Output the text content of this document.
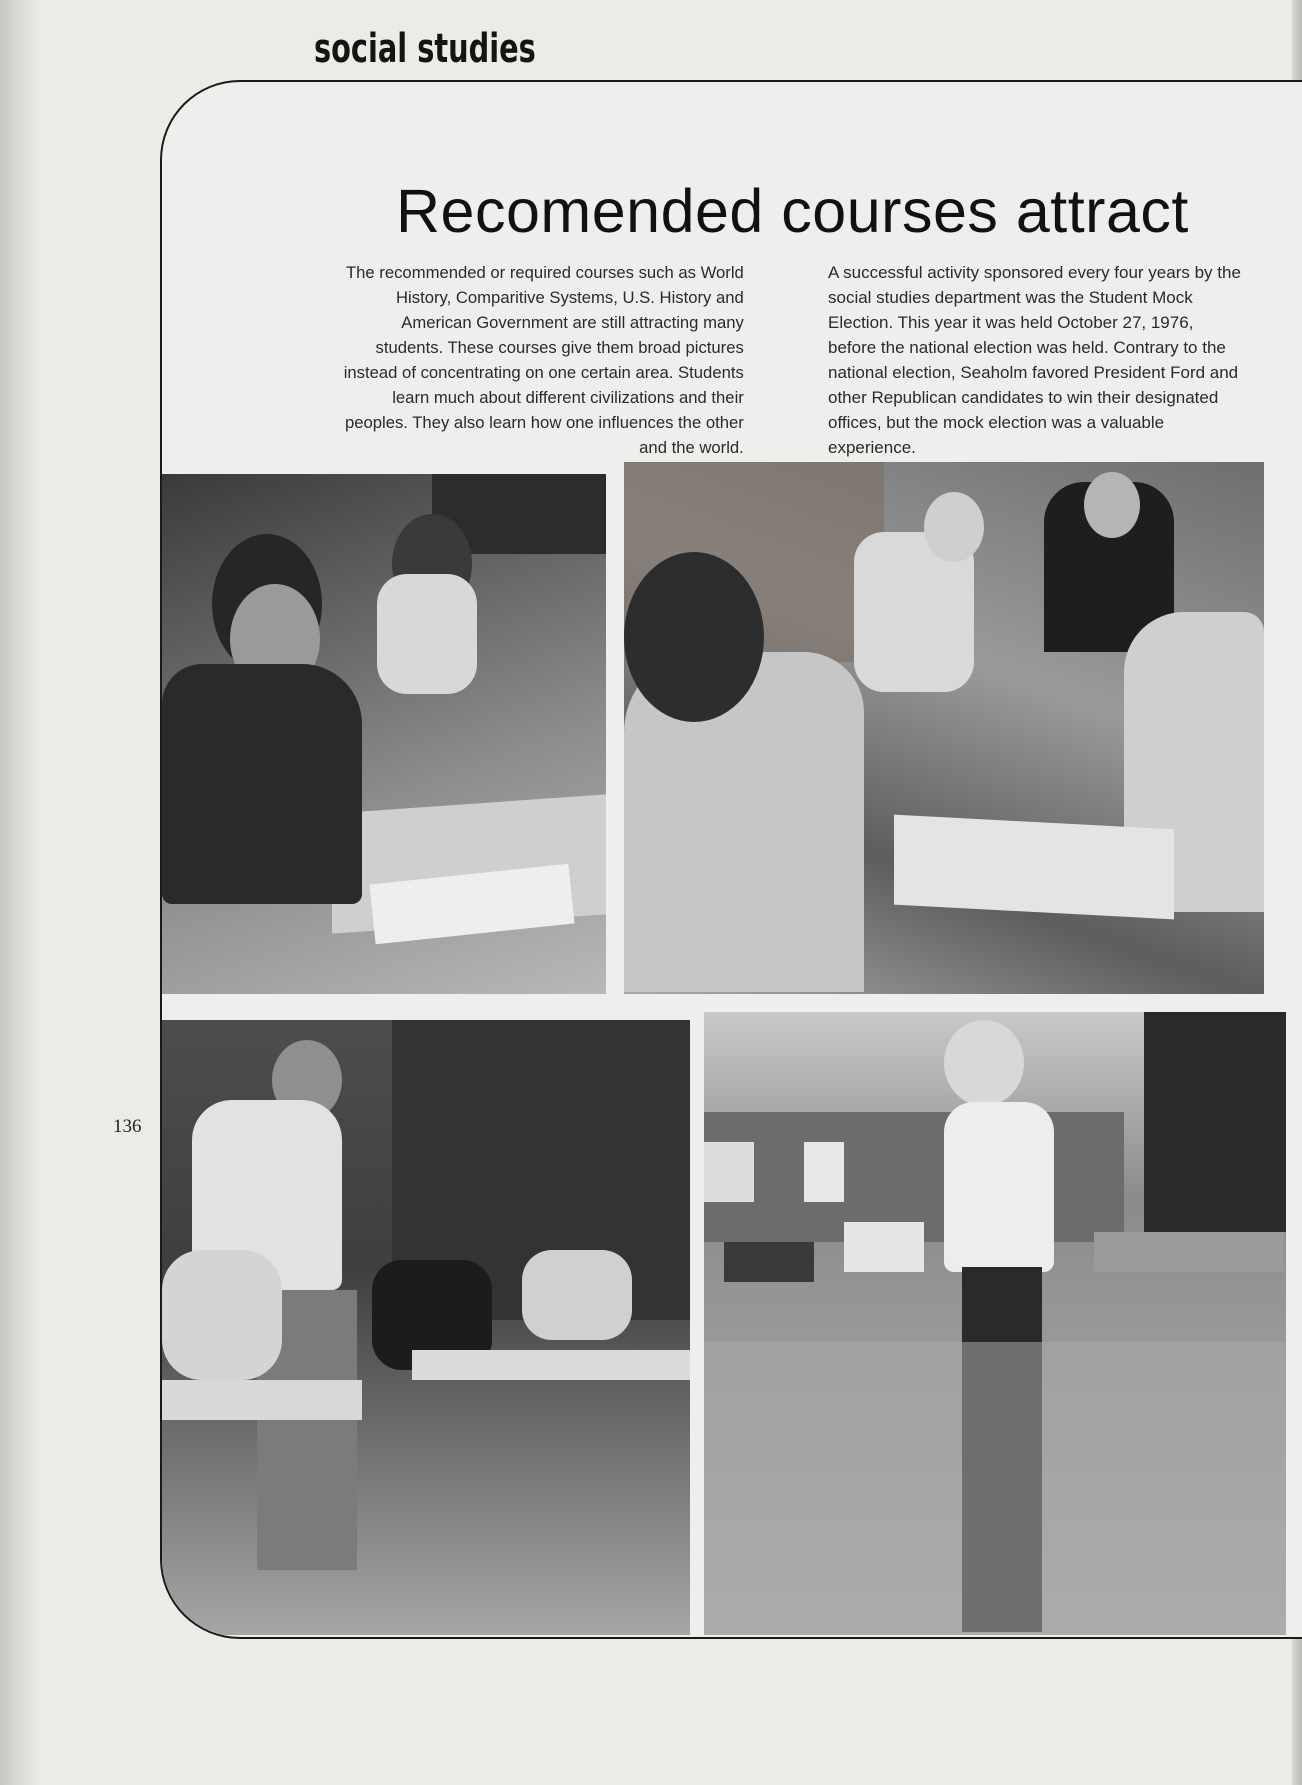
social studies
136
Recomended courses attract
The recommended or required courses such as World History, Comparitive Systems, U.S. History and American Government are still attracting many students. These courses give them broad pictures instead of concentrating on one certain area. Students learn much about different civilizations and their peoples. They also learn how one influences the other and the world.
A successful activity sponsored every four years by the social studies department was the Student Mock Election. This year it was held October 27, 1976, before the national election was held. Contrary to the national election, Seaholm favored President Ford and other Republican candidates to win their designated offices, but the mock election was a valuable experience.
